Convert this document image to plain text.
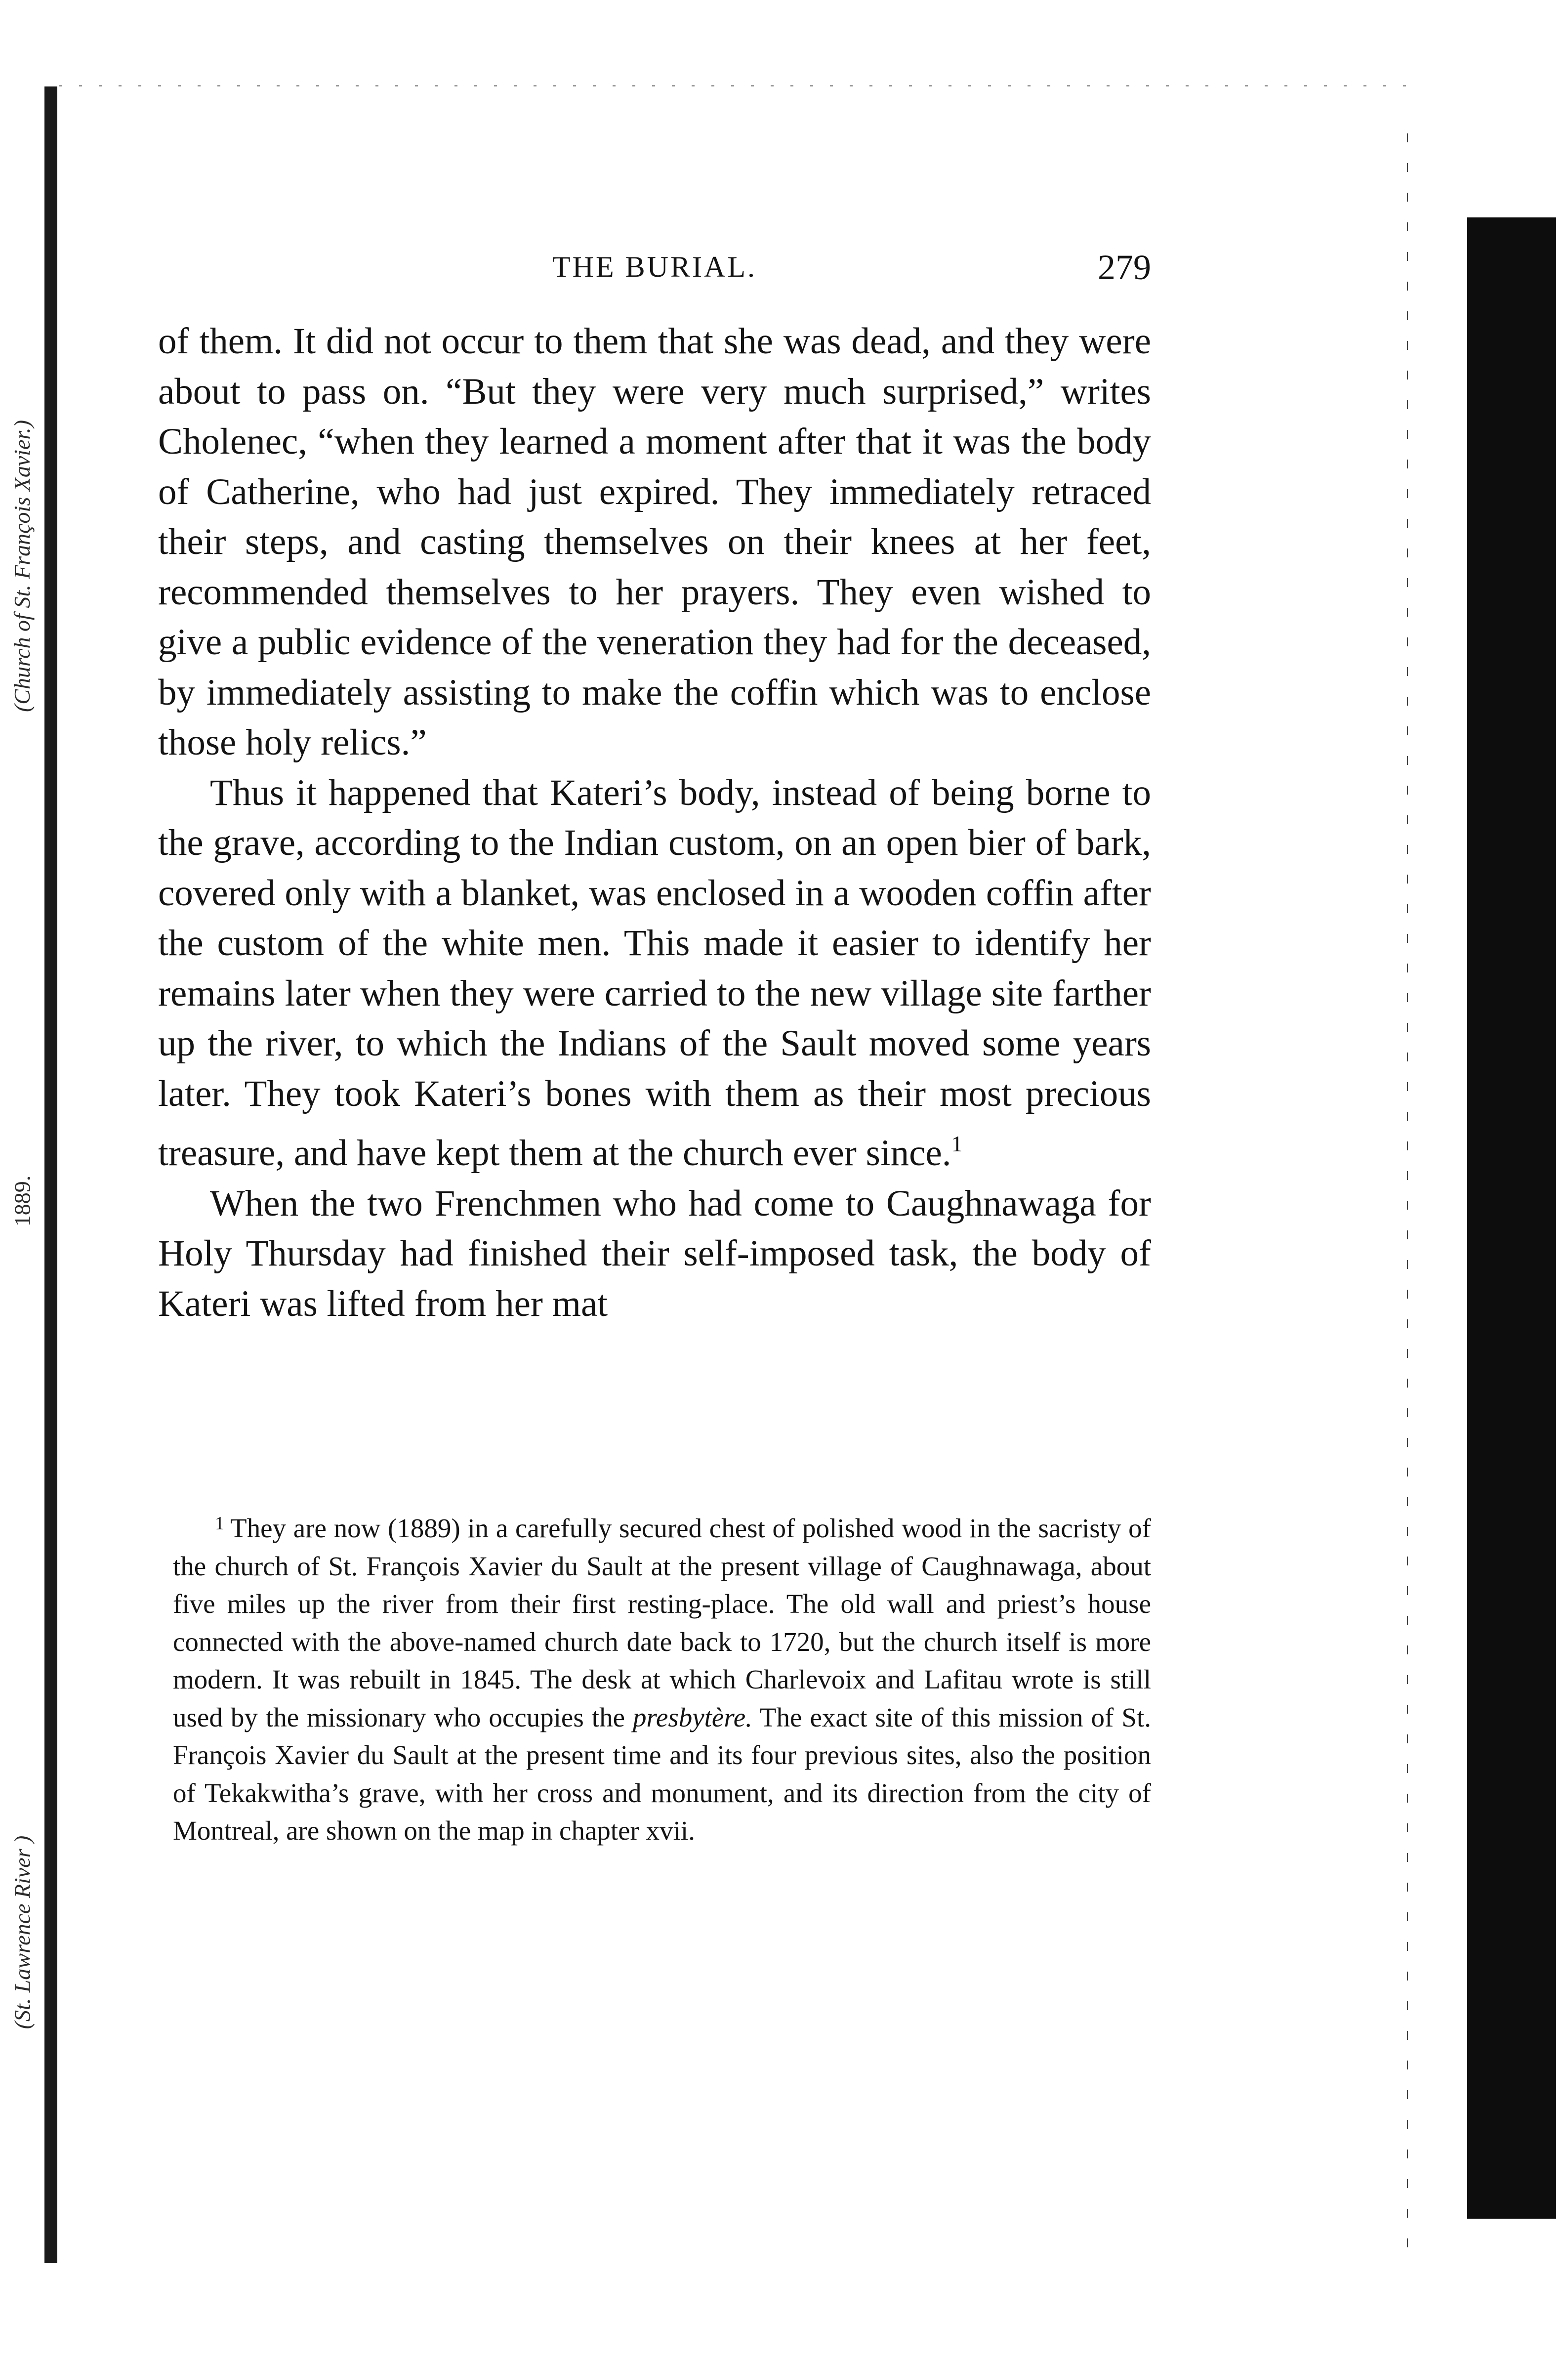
(Church of St. François Xavier.)
1889.
(St. Lawrence River )
THE BURIAL.	279

of them. It did not occur to them that she was dead, and they were about to pass on. “But they were very much surprised,” writes Cholenec, “when they learned a moment after that it was the body of Catherine, who had just expired. They immediately retraced their steps, and casting themselves on their knees at her feet, recommended themselves to her prayers. They even wished to give a public evidence of the veneration they had for the deceased, by immediately assisting to make the coffin which was to enclose those holy relics.”

Thus it happened that Kateri’s body, instead of being borne to the grave, according to the Indian custom, on an open bier of bark, covered only with a blanket, was enclosed in a wooden coffin after the custom of the white men. This made it easier to identify her remains later when they were carried to the new village site farther up the river, to which the Indians of the Sault moved some years later. They took Kateri’s bones with them as their most precious treasure, and have kept them at the church ever since.$^1$

When the two Frenchmen who had come to Caughnawaga for Holy Thursday had finished their self-imposed task, the body of Kateri was lifted from her mat

$^1$ They are now (1889) in a carefully secured chest of polished wood in the sacristy of the church of St. François Xavier du Sault at the present village of Caughnawaga, about five miles up the river from their first resting-place. The old wall and priest’s house connected with the above-named church date back to 1720, but the church itself is more modern. It was rebuilt in 1845. The desk at which Charlevoix and Lafitau wrote is still used by the missionary who occupies the presbytère. The exact site of this mission of St. François Xavier du Sault at the present time and its four previous sites, also the position of Tekakwitha’s grave, with her cross and monument, and its direction from the city of Montreal, are shown on the map in chapter xvii.
